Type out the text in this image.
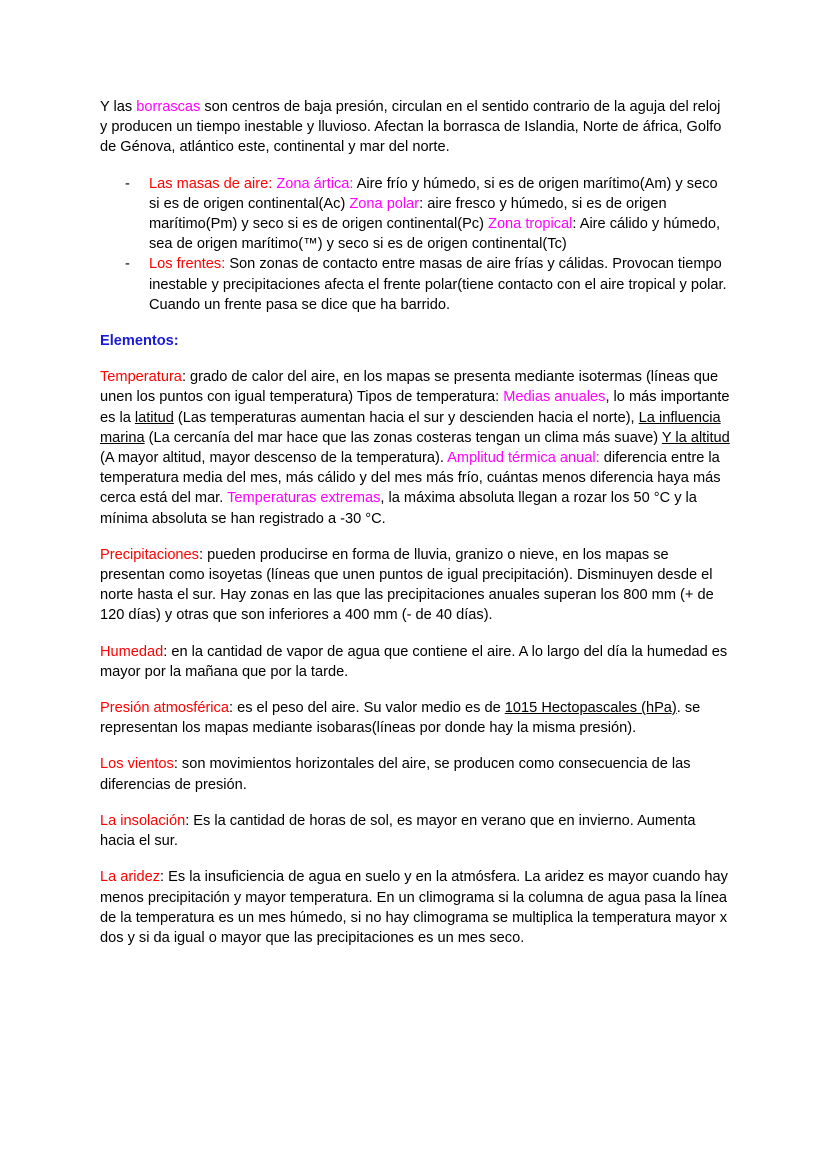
Y las borrascas son centros de baja presión, circulan en el sentido contrario de la aguja del reloj y producen un tiempo inestable y lluvioso. Afectan la borrasca de Islandia, Norte de áfrica, Golfo de Génova, atlántico este, continental y mar del norte.

- Las masas de aire: Zona ártica: Aire frío y húmedo, si es de origen marítimo(Am) y seco si es de origen continental(Ac) Zona polar: aire fresco y húmedo, si es de origen marítimo(Pm) y seco si es de origen continental(Pc) Zona tropical: Aire cálido y húmedo, sea de origen marítimo(™) y seco si es de origen continental(Tc)
- Los frentes: Son zonas de contacto entre masas de aire frías y cálidas. Provocan tiempo inestable y precipitaciones afecta el frente polar(tiene contacto con el aire tropical y polar. Cuando un frente pasa se dice que ha barrido.

Elementos:

Temperatura: grado de calor del aire, en los mapas se presenta mediante isotermas (líneas que unen los puntos con igual temperatura) Tipos de temperatura: Medias anuales, lo más importante es la latitud (Las temperaturas aumentan hacia el sur y descienden hacia el norte), La influencia marina (La cercanía del mar hace que las zonas costeras tengan un clima más suave) Y la altitud (A mayor altitud, mayor descenso de la temperatura). Amplitud térmica anual: diferencia entre la temperatura media del mes, más cálido y del mes más frío, cuántas menos diferencia haya más cerca está del mar. Temperaturas extremas, la máxima absoluta llegan a rozar los 50 °C y la mínima absoluta se han registrado a -30 °C.

Precipitaciones: pueden producirse en forma de lluvia, granizo o nieve, en los mapas se presentan como isoyetas (líneas que unen puntos de igual precipitación). Disminuyen desde el norte hasta el sur. Hay zonas en las que las precipitaciones anuales superan los 800 mm (+ de 120 días) y otras que son inferiores a 400 mm (- de 40 días).

Humedad: en la cantidad de vapor de agua que contiene el aire. A lo largo del día la humedad es mayor por la mañana que por la tarde.

Presión atmosférica: es el peso del aire. Su valor medio es de 1015 Hectopascales (hPa). se representan los mapas mediante isobaras(líneas por donde hay la misma presión).

Los vientos: son movimientos horizontales del aire, se producen como consecuencia de las diferencias de presión.

La insolación: Es la cantidad de horas de sol, es mayor en verano que en invierno. Aumenta hacia el sur.

La aridez: Es la insuficiencia de agua en suelo y en la atmósfera. La aridez es mayor cuando hay menos precipitación y mayor temperatura. En un climograma si la columna de agua pasa la línea de la temperatura es un mes húmedo, si no hay climograma se multiplica la temperatura mayor x dos y si da igual o mayor que las precipitaciones es un mes seco.
